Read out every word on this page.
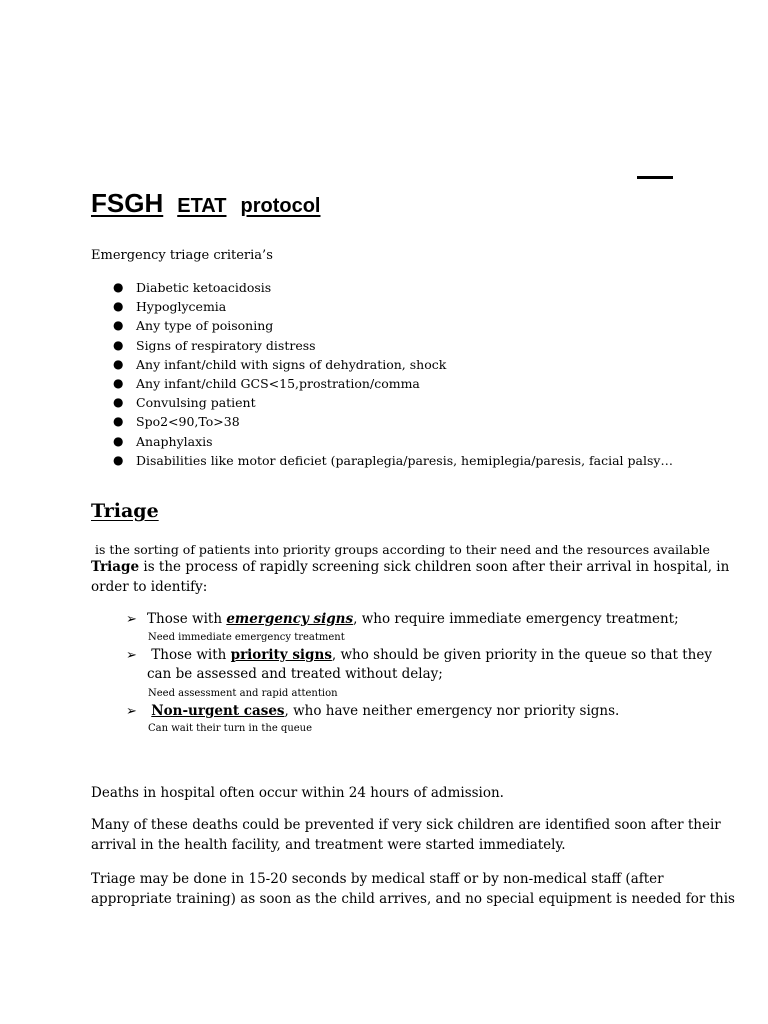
FSGH ETAT protocol
Emergency triage criteria’s
● Diabetic ketoacidosis
● Hypoglycemia
● Any type of poisoning
● Signs of respiratory distress
● Any infant/child with signs of dehydration, shock
● Any infant/child GCS<15,prostration/comma
● Convulsing patient
● Spo2<90,To>38
● Anaphylaxis
● Disabilities like motor deficiet (paraplegia/paresis, hemiplegia/paresis, facial palsy…
Triage
is the sorting of patients into priority groups according to their need and the resources available
Triage is the process of rapidly screening sick children soon after their arrival in hospital, in
order to identify:
➢ Those with emergency signs, who require immediate emergency treatment;
Need immediate emergency treatment
➢ Those with priority signs, who should be given priority in the queue so that they
can be assessed and treated without delay;
Need assessment and rapid attention
➢ Non-urgent cases, who have neither emergency nor priority signs.
Can wait their turn in the queue
Deaths in hospital often occur within 24 hours of admission.
Many of these deaths could be prevented if very sick children are identified soon after their
arrival in the health facility, and treatment were started immediately.
Triage may be done in 15-20 seconds by medical staff or by non-medical staff (after
appropriate training) as soon as the child arrives, and no special equipment is needed for this
